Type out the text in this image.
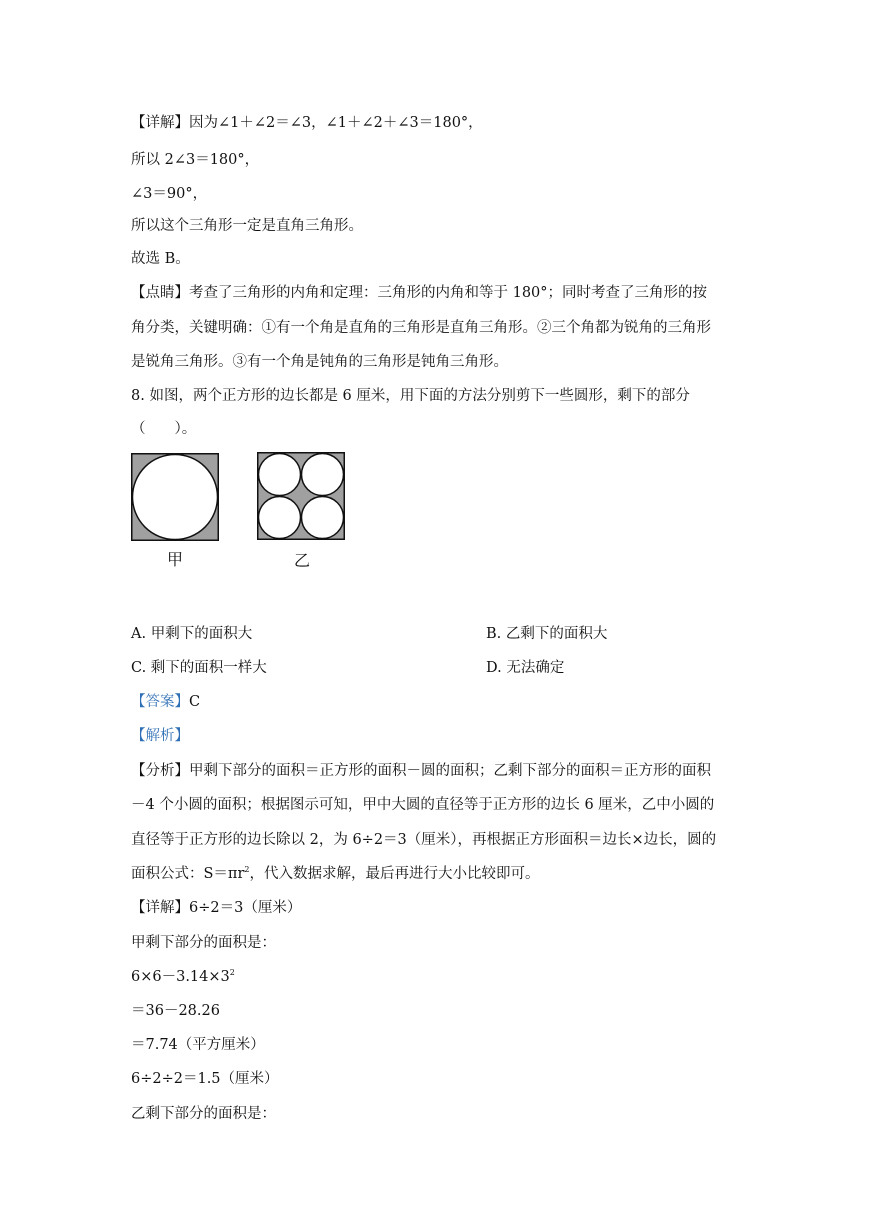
【详解】因为∠1＋∠2＝∠3，∠1＋∠2＋∠3＝180°，
所以 2∠3＝180°，
∠3＝90°，
所以这个三角形一定是直角三角形。
故选 B。
【点睛】考查了三角形的内角和定理：三角形的内角和等于 180°；同时考查了三角形的按
角分类，关键明确：①有一个角是直角的三角形是直角三角形。②三个角都为锐角的三角形
是锐角三角形。③有一个角是钝角的三角形是钝角三角形。
8. 如图，两个正方形的边长都是 6 厘米，用下面的方法分别剪下一些圆形，剩下的部分
（　　）。
甲	乙
A. 甲剩下的面积大	B. 乙剩下的面积大
C. 剩下的面积一样大	D. 无法确定
【答案】C
【解析】
【分析】甲剩下部分的面积＝正方形的面积－圆的面积；乙剩下部分的面积＝正方形的面积
－4 个小圆的面积；根据图示可知，甲中大圆的直径等于正方形的边长 6 厘米，乙中小圆的
直径等于正方形的边长除以 2，为 6÷2＝3（厘米），再根据正方形面积＝边长×边长，圆的
面积公式：$S=\pi r^2$，代入数据求解，最后再进行大小比较即可。
【详解】6÷2＝3（厘米）
甲剩下部分的面积是：
$6\times 6-3.14\times 3^2$
＝36－28.26
＝7.74（平方厘米）
6÷2÷2＝1.5（厘米）
乙剩下部分的面积是：
